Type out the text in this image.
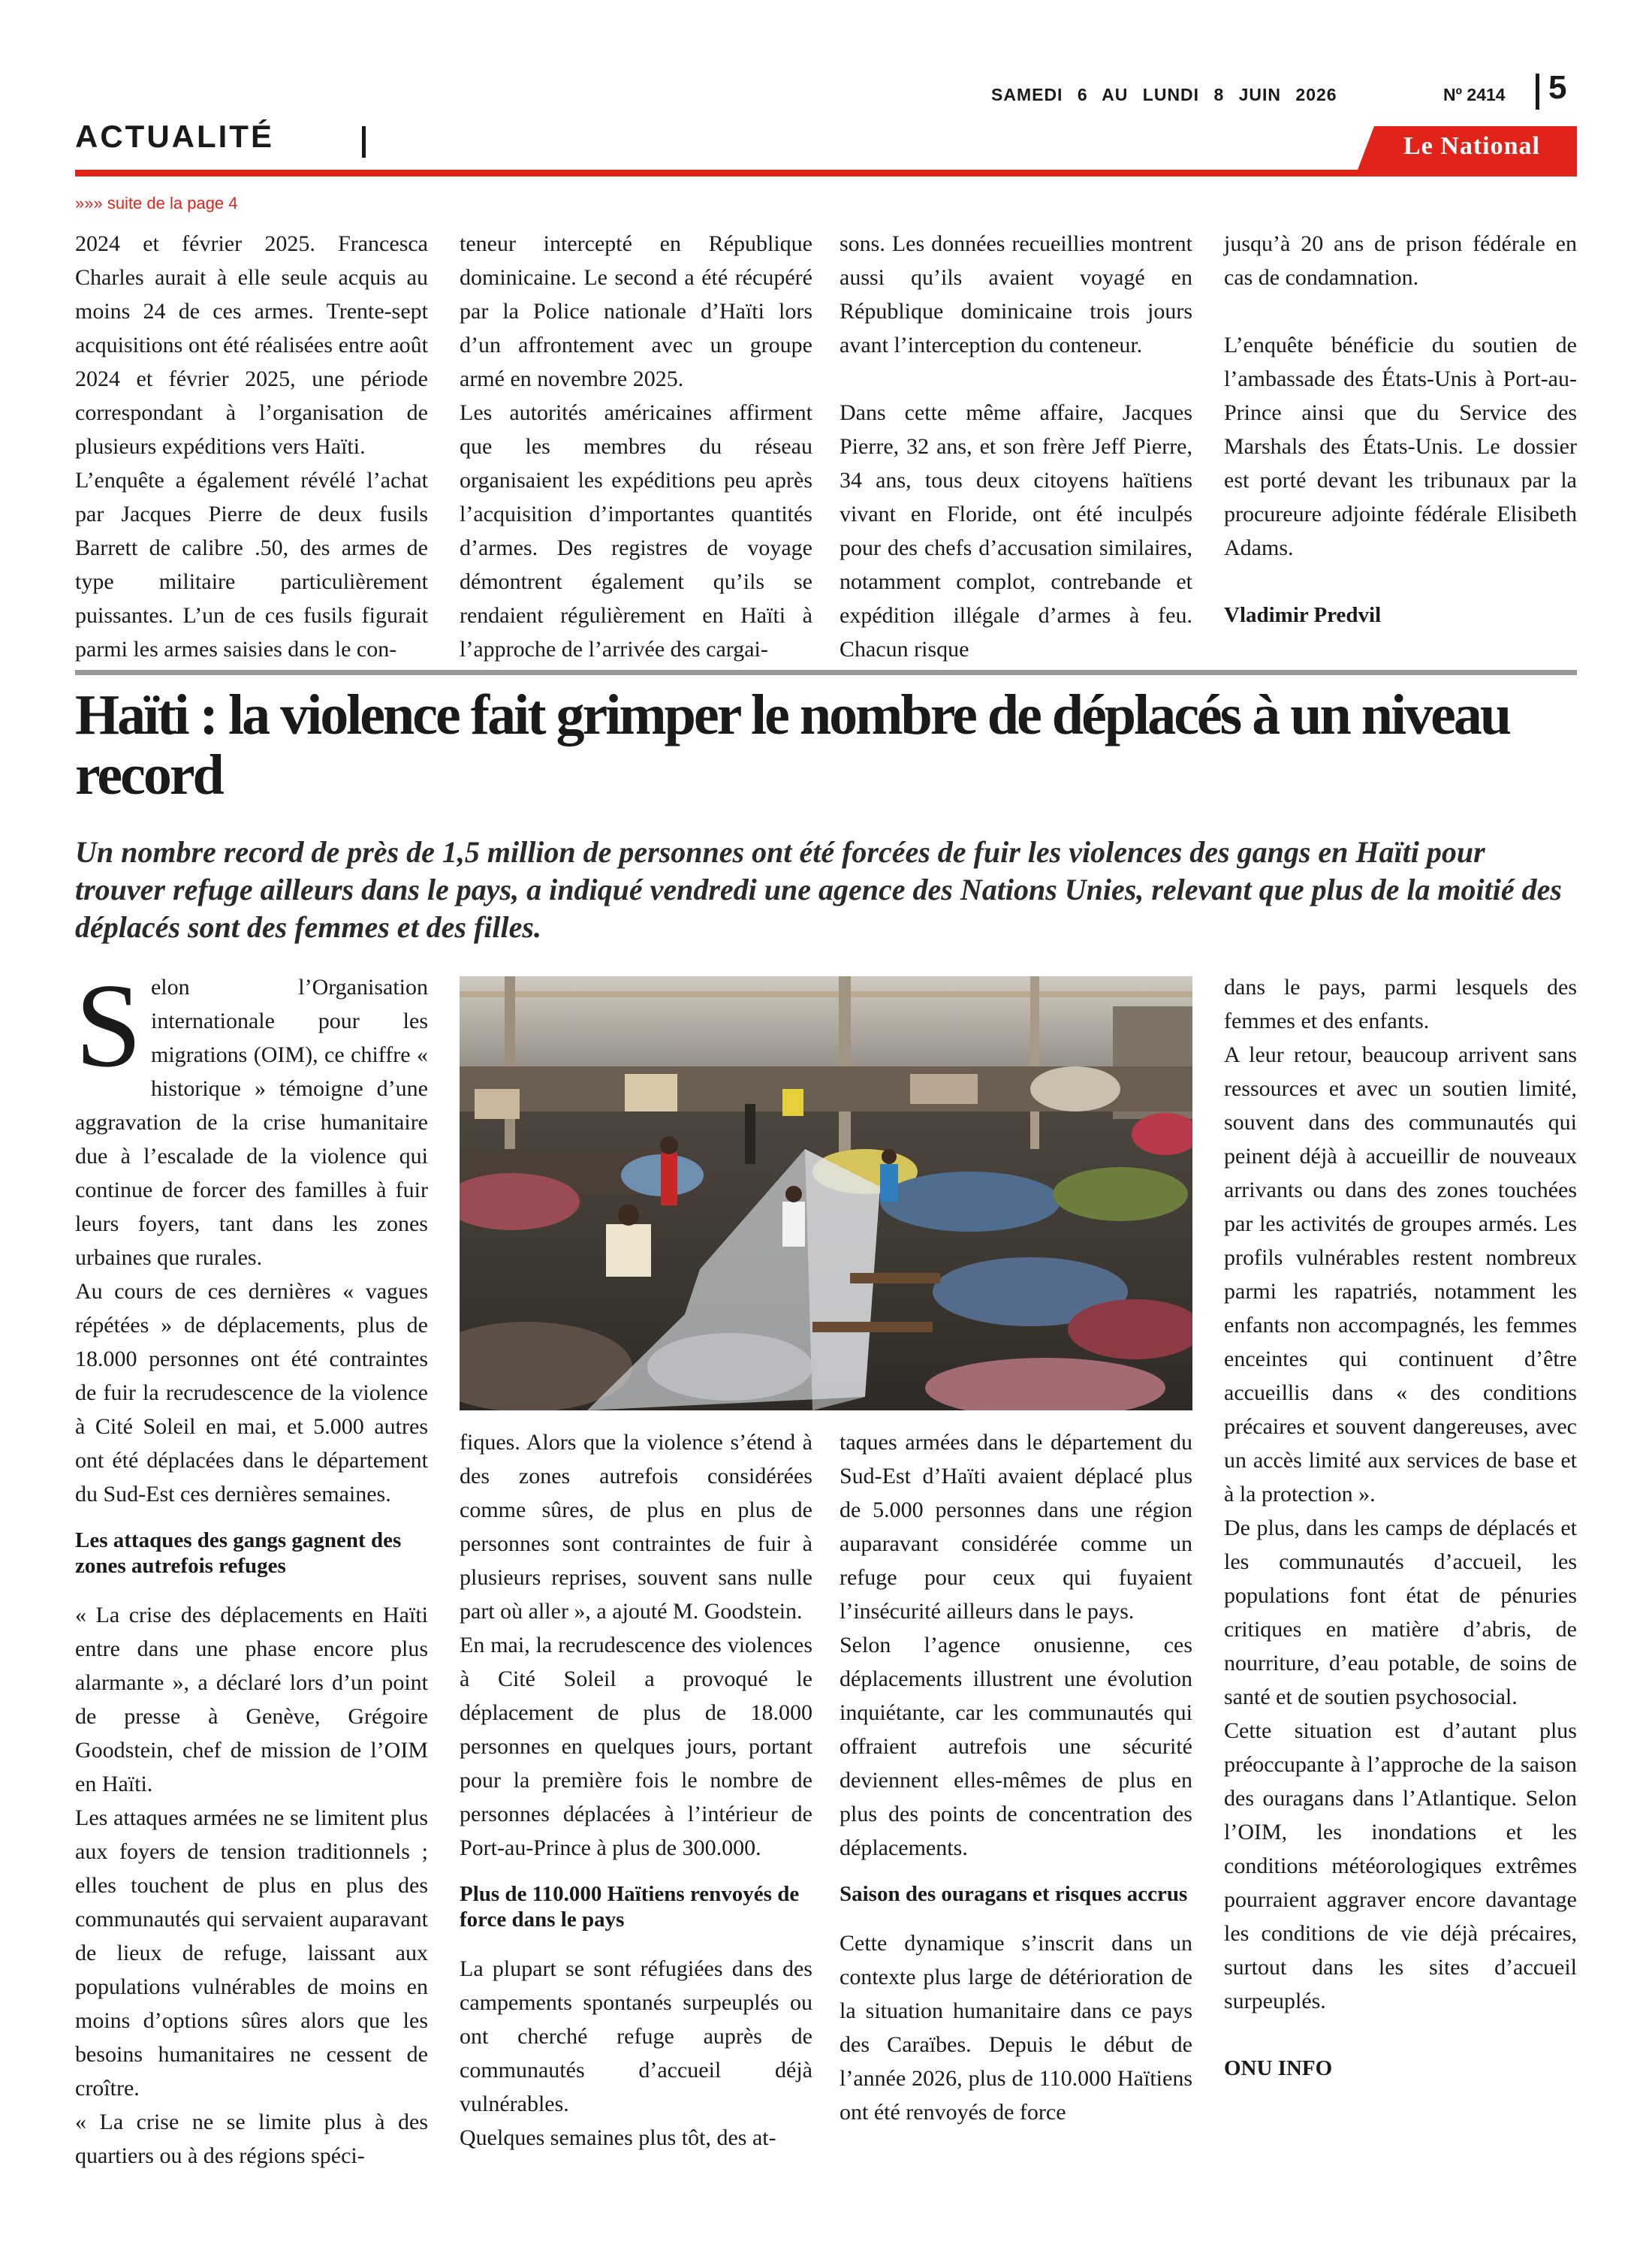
SAMEDI 6 AU LUNDI 8 JUIN 2026	Nº 2414 5
ACTUALITÉ	Le National
»»» suite de la page 4

2024 et février 2025. Francesca Charles aurait à elle seule acquis au moins 24 de ces armes. Trente-sept acquisitions ont été réalisées entre août 2024 et février 2025, une période correspondant à l’organisation de plusieurs expéditions vers Haïti.

L’enquête a également révélé l’achat par Jacques Pierre de deux fusils Barrett de calibre .50, des armes de type militaire particulièrement puissantes. L’un de ces fusils figurait parmi les armes saisies dans le con-

teneur intercepté en République dominicaine. Le second a été récupéré par la Police nationale d’Haïti lors d’un affrontement avec un groupe armé en novembre 2025.

Les autorités américaines affirment que les membres du réseau organisaient les expéditions peu après l’acquisition d’importantes quantités d’armes. Des registres de voyage démontrent également qu’ils se rendaient régulièrement en Haïti à l’approche de l’arrivée des cargai-

sons. Les données recueillies montrent aussi qu’ils avaient voyagé en République dominicaine trois jours avant l’interception du conteneur.

Dans cette même affaire, Jacques Pierre, 32 ans, et son frère Jeff Pierre, 34 ans, tous deux citoyens haïtiens vivant en Floride, ont été inculpés pour des chefs d’accusation similaires, notamment complot, contrebande et expédition illégale d’armes à feu. Chacun risque

jusqu’à 20 ans de prison fédérale en cas de condamnation.

L’enquête bénéficie du soutien de l’ambassade des États-Unis à Port-au-Prince ainsi que du Service des Marshals des États-Unis. Le dossier est porté devant les tribunaux par la procureure adjointe fédérale Elisibeth Adams.

Vladimir Predvil

Haïti : la violence fait grimper le nombre de déplacés à un niveau record

Un nombre record de près de 1,5 million de personnes ont été forcées de fuir les violences des gangs en Haïti pour trouver refuge ailleurs dans le pays, a indiqué vendredi une agence des Nations Unies, relevant que plus de la moitié des déplacés sont des femmes et des filles.

Selon l’Organisation internationale pour les migrations (OIM), ce chiffre « historique » témoigne d’une aggravation de la crise humanitaire due à l’escalade de la violence qui continue de forcer des familles à fuir leurs foyers, tant dans les zones urbaines que rurales.

Au cours de ces dernières « vagues répétées » de déplacements, plus de 18.000 personnes ont été contraintes de fuir la recrudescence de la violence à Cité Soleil en mai, et 5.000 autres ont été déplacées dans le département du Sud-Est ces dernières semaines.

Les attaques des gangs gagnent des zones autrefois refuges

« La crise des déplacements en Haïti entre dans une phase encore plus alarmante », a déclaré lors d’un point de presse à Genève, Grégoire Goodstein, chef de mission de l’OIM en Haïti.

Les attaques armées ne se limitent plus aux foyers de tension traditionnels ; elles touchent de plus en plus des communautés qui servaient auparavant de lieux de refuge, laissant aux populations vulnérables de moins en moins d’options sûres alors que les besoins humanitaires ne cessent de croître.

« La crise ne se limite plus à des quartiers ou à des régions spéci-

fiques. Alors que la violence s’étend à des zones autrefois considérées comme sûres, de plus en plus de personnes sont contraintes de fuir à plusieurs reprises, souvent sans nulle part où aller », a ajouté M. Goodstein.

En mai, la recrudescence des violences à Cité Soleil a provoqué le déplacement de plus de 18.000 personnes en quelques jours, portant pour la première fois le nombre de personnes déplacées à l’intérieur de Port-au-Prince à plus de 300.000.

Plus de 110.000 Haïtiens renvoyés de force dans le pays

La plupart se sont réfugiées dans des campements spontanés surpeuplés ou ont cherché refuge auprès de communautés d’accueil déjà vulnérables.

Quelques semaines plus tôt, des at-

taques armées dans le département du Sud-Est d’Haïti avaient déplacé plus de 5.000 personnes dans une région auparavant considérée comme un refuge pour ceux qui fuyaient l’insécurité ailleurs dans le pays.

Selon l’agence onusienne, ces déplacements illustrent une évolution inquiétante, car les communautés qui offraient autrefois une sécurité deviennent elles-mêmes de plus en plus des points de concentration des déplacements.

Saison des ouragans et risques accrus

Cette dynamique s’inscrit dans un contexte plus large de détérioration de la situation humanitaire dans ce pays des Caraïbes. Depuis le début de l’année 2026, plus de 110.000 Haïtiens ont été renvoyés de force

dans le pays, parmi lesquels des femmes et des enfants.

A leur retour, beaucoup arrivent sans ressources et avec un soutien limité, souvent dans des communautés qui peinent déjà à accueillir de nouveaux arrivants ou dans des zones touchées par les activités de groupes armés. Les profils vulnérables restent nombreux parmi les rapatriés, notamment les enfants non accompagnés, les femmes enceintes qui continuent d’être accueillis dans « des conditions précaires et souvent dangereuses, avec un accès limité aux services de base et à la protection ».

De plus, dans les camps de déplacés et les communautés d’accueil, les populations font état de pénuries critiques en matière d’abris, de nourriture, d’eau potable, de soins de santé et de soutien psychosocial.

Cette situation est d’autant plus préoccupante à l’approche de la saison des ouragans dans l’Atlantique. Selon l’OIM, les inondations et les conditions météorologiques extrêmes pourraient aggraver encore davantage les conditions de vie déjà précaires, surtout dans les sites d’accueil surpeuplés.

ONU INFO
